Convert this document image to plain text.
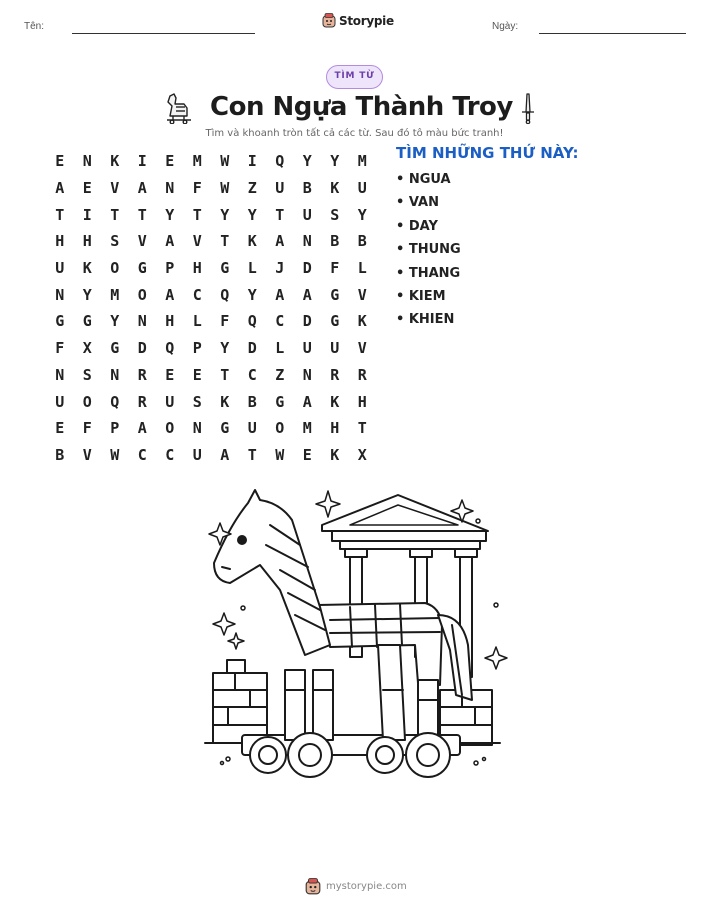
Tên:	Ngày:
Storypie
TÌM TỪ
Con Ngựa Thành Troy
Tìm và khoanh tròn tất cả các từ. Sau đó tô màu bức tranh!
E	N	K	I	E	M	W	I	Q	Y	Y	M
A	E	V	A	N	F	W	Z	U	B	K	U
T	I	T	T	Y	T	Y	Y	T	U	S	Y
H	H	S	V	A	V	T	K	A	N	B	B
U	K	O	G	P	H	G	L	J	D	F	L
N	Y	M	O	A	C	Q	Y	A	A	G	V
G	G	Y	N	H	L	F	Q	C	D	G	K
F	X	G	D	Q	P	Y	D	L	U	U	V
N	S	N	R	E	E	T	C	Z	N	R	R
U	O	Q	R	U	S	K	B	G	A	K	H
E	F	P	A	O	N	G	U	O	M	H	T
B	V	W	C	C	U	A	T	W	E	K	X
TÌM NHỮNG THỨ NÀY:
• NGUA
• VAN
• DAY
• THUNG
• THANG
• KIEM
• KHIEN
mystorypie.com
